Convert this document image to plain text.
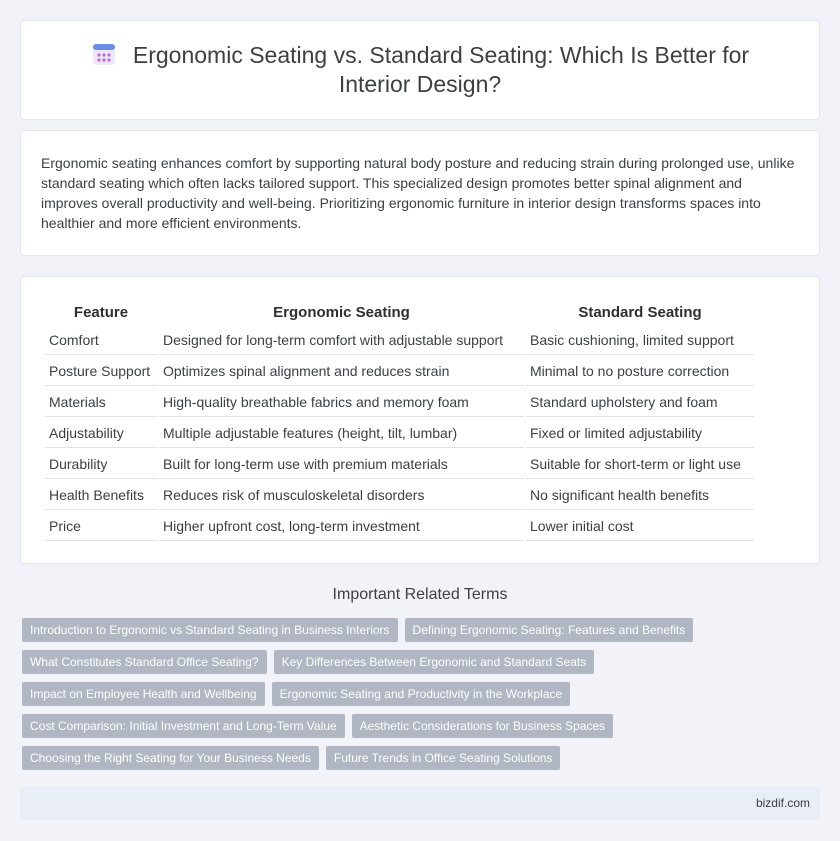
Ergonomic Seating vs. Standard Seating: Which Is Better for Interior Design?

Ergonomic seating enhances comfort by supporting natural body posture and reducing strain during prolonged use, unlike standard seating which often lacks tailored support. This specialized design promotes better spinal alignment and improves overall productivity and well-being. Prioritizing ergonomic furniture in interior design transforms spaces into healthier and more efficient environments.

Feature	Ergonomic Seating	Standard Seating
Comfort	Designed for long-term comfort with adjustable support	Basic cushioning, limited support
Posture Support	Optimizes spinal alignment and reduces strain	Minimal to no posture correction
Materials	High-quality breathable fabrics and memory foam	Standard upholstery and foam
Adjustability	Multiple adjustable features (height, tilt, lumbar)	Fixed or limited adjustability
Durability	Built for long-term use with premium materials	Suitable for short-term or light use
Health Benefits	Reduces risk of musculoskeletal disorders	No significant health benefits
Price	Higher upfront cost, long-term investment	Lower initial cost
Important Related Terms
Introduction to Ergonomic vs Standard Seating in Business Interiors	Defining Ergonomic Seating: Features and Benefits
What Constitutes Standard Office Seating?	Key Differences Between Ergonomic and Standard Seats
Impact on Employee Health and Wellbeing	Ergonomic Seating and Productivity in the Workplace
Cost Comparison: Initial Investment and Long-Term Value	Aesthetic Considerations for Business Spaces
Choosing the Right Seating for Your Business Needs	Future Trends in Office Seating Solutions
bizdif.com
